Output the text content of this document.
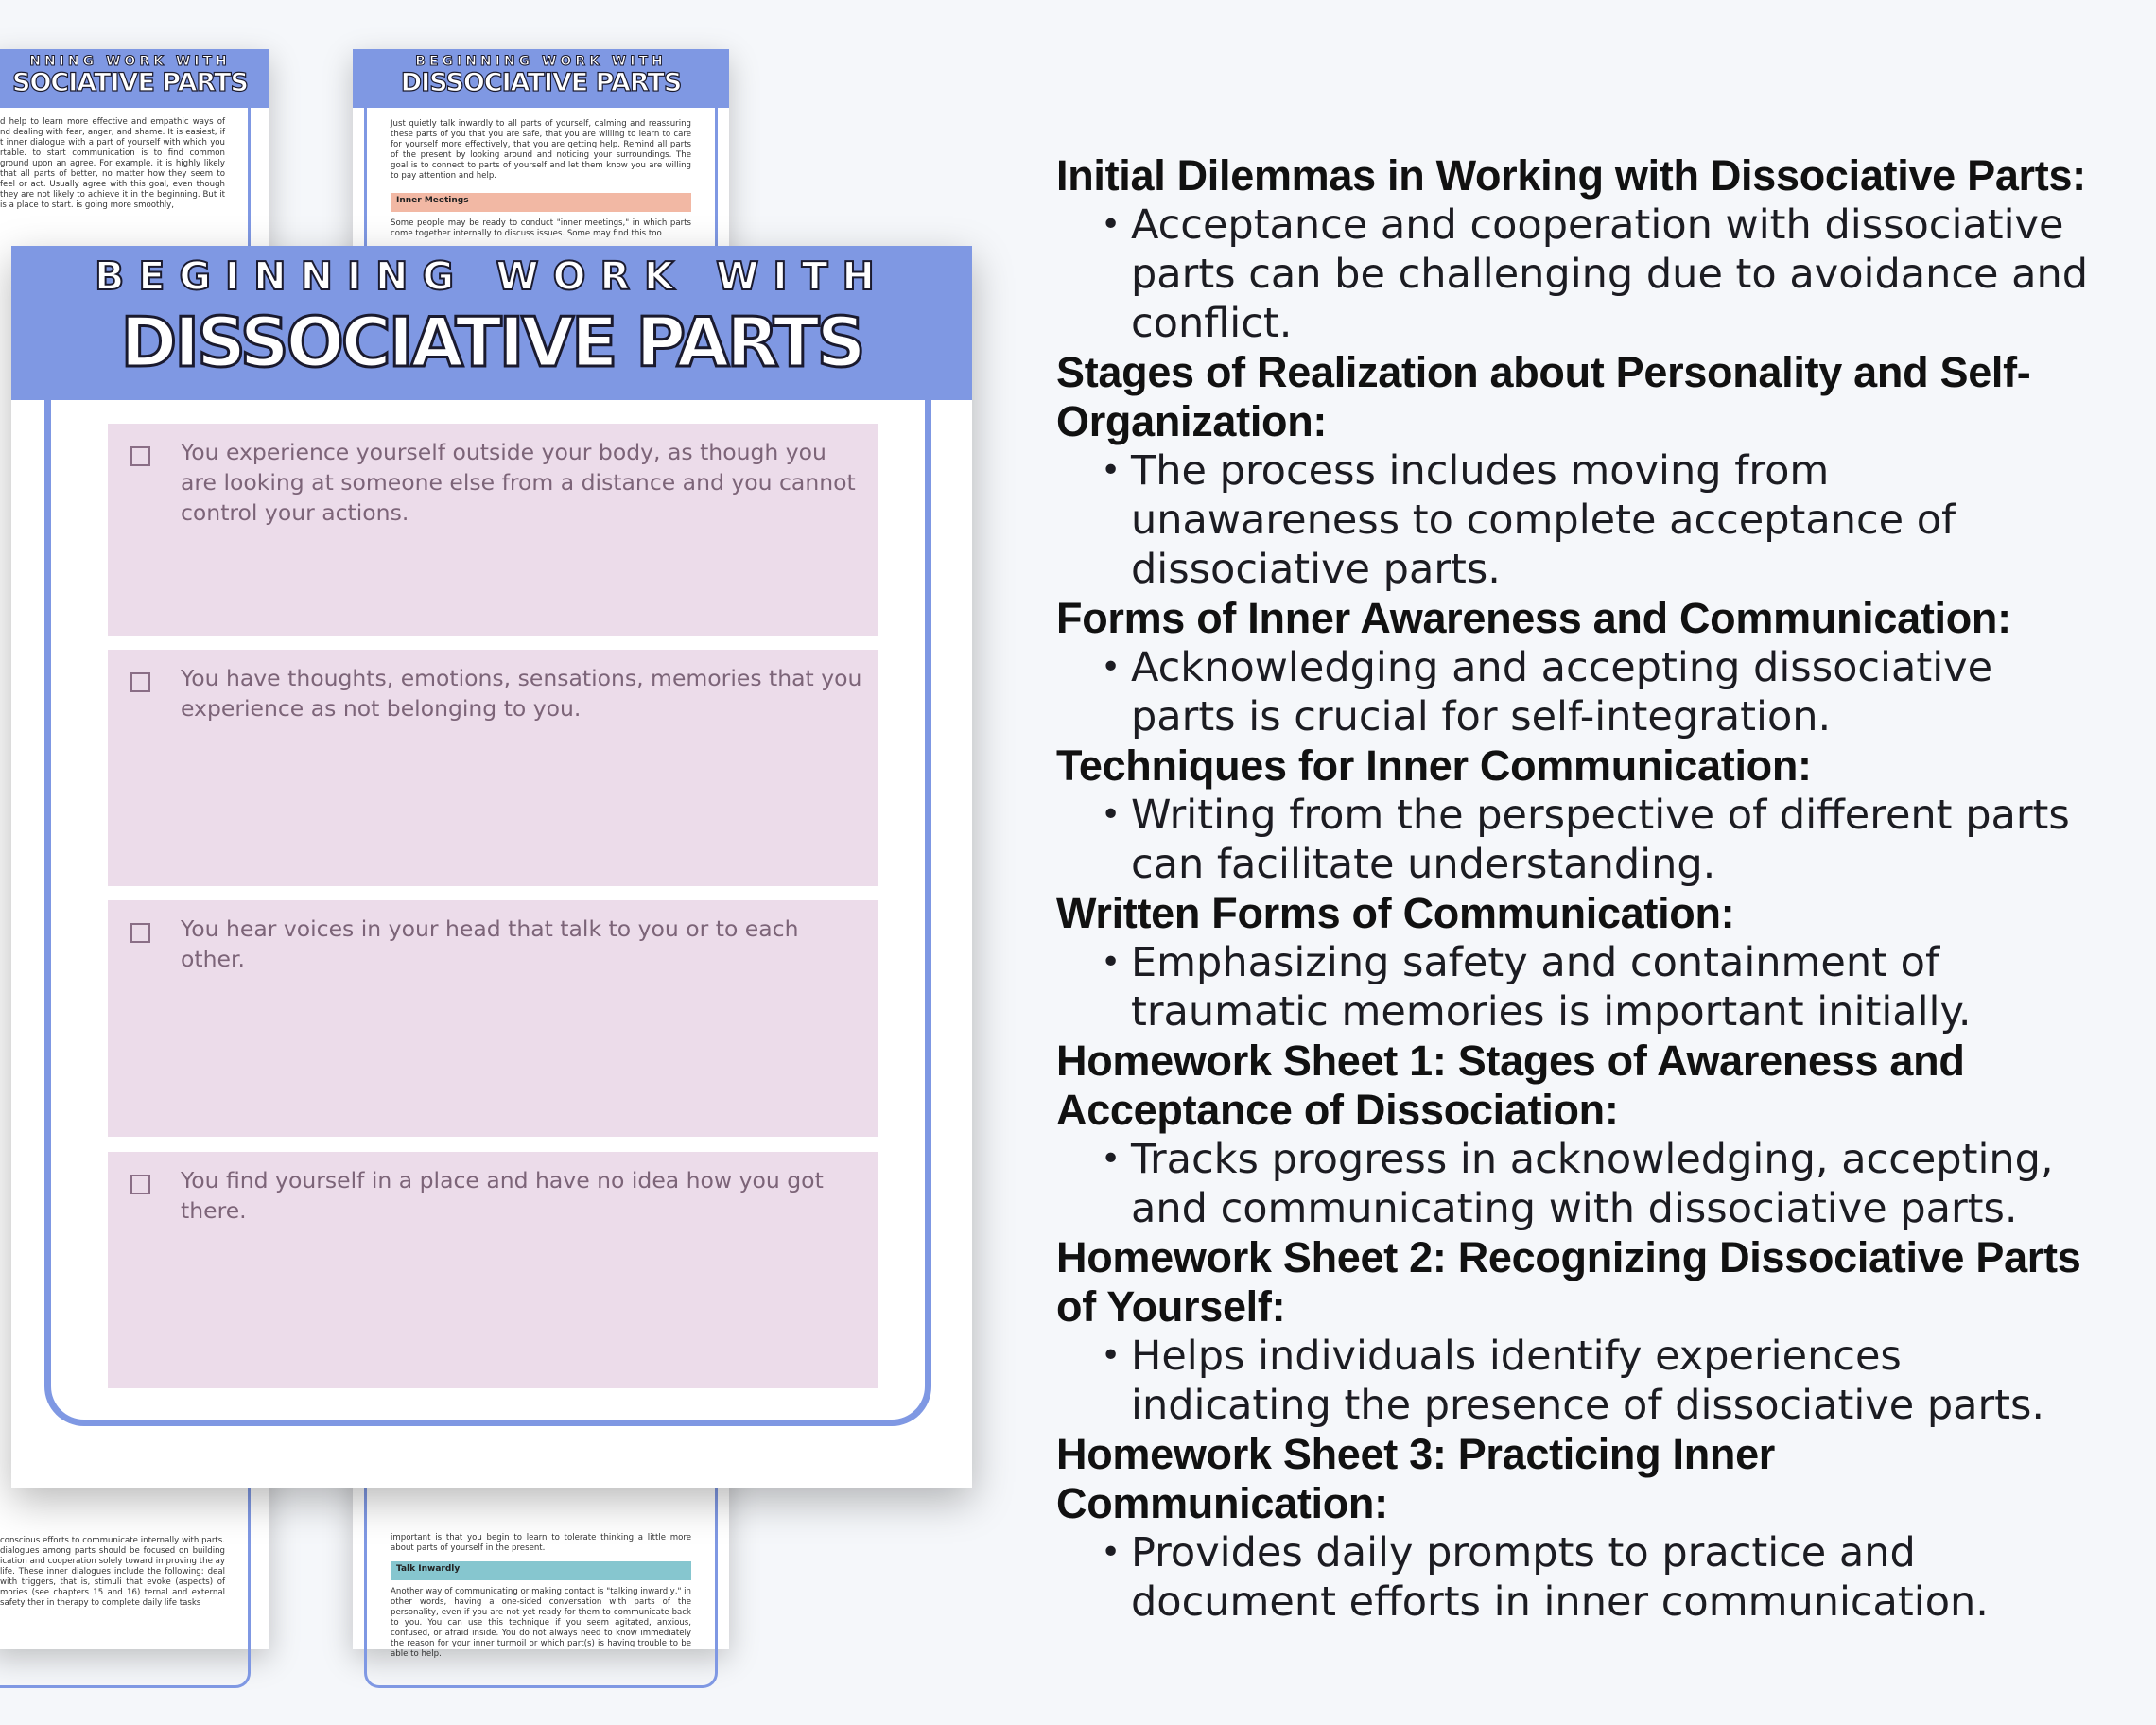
NNING WORK WITH
SOCIATIVE PARTS
d help to learn more effective and empathic ways of nd dealing with fear, anger, and shame. It is easiest, if t inner dialogue with a part of yourself with which you rtable. to start communication is to find common ground upon an agree. For example, it is highly likely that all parts of better, no matter how they seem to feel or act. Usually agree with this goal, even though they are not likely to achieve it in the beginning. But it is a place to start. is going more smoothly,
conscious efforts to communicate internally with parts. dialogues among parts should be focused on building ication and cooperation solely toward improving the ay life. These inner dialogues include the following: deal with triggers, that is, stimuli that evoke (aspects) of mories (see chapters 15 and 16) ternal and external safety ther in therapy to complete daily life tasks
BEGINNING WORK WITH
DISSOCIATIVE PARTS
Just quietly talk inwardly to all parts of yourself, calming and reassuring these parts of you that you are safe, that you are willing to learn to care for yourself more effectively, that you are getting help. Remind all parts of the present by looking around and noticing your surroundings. The goal is to connect to parts of yourself and let them know you are willing to pay attention and help.
Inner Meetings
Some people may be ready to conduct "inner meetings," in which parts come together internally to discuss issues. Some may find this too
important is that you begin to learn to tolerate thinking a little more about parts of yourself in the present.
Talk Inwardly
Another way of communicating or making contact is "talking inwardly," in other words, having a one-sided conversation with parts of the personality, even if you are not yet ready for them to communicate back to you. You can use this technique if you seem agitated, anxious, confused, or afraid inside. You do not always need to know immediately the reason for your inner turmoil or which part(s) is having trouble to be able to help.
BEGINNING WORK WITH
DISSOCIATIVE PARTS
You experience yourself outside your body, as though you are looking at someone else from a distance and you cannot control your actions.
You have thoughts, emotions, sensations, memories that you experience as not belonging to you.
You hear voices in your head that talk to you or to each other.
You find yourself in a place and have no idea how you got there.

Initial Dilemmas in Working with Dissociative Parts:

• Acceptance and cooperation with dissociative parts can be challenging due to avoidance and conflict.

Stages of Realization about Personality and Self-Organization:

• The process includes moving from unawareness to complete acceptance of dissociative parts.

Forms of Inner Awareness and Communication:

• Acknowledging and accepting dissociative parts is crucial for self-integration.

Techniques for Inner Communication:

• Writing from the perspective of different parts can facilitate understanding.

Written Forms of Communication:

• Emphasizing safety and containment of traumatic memories is important initially.

Homework Sheet 1: Stages of Awareness and Acceptance of Dissociation:

• Tracks progress in acknowledging, accepting, and communicating with dissociative parts.

Homework Sheet 2: Recognizing Dissociative Parts of Yourself:

• Helps individuals identify experiences indicating the presence of dissociative parts.

Homework Sheet 3: Practicing Inner Communication:

• Provides daily prompts to practice and document efforts in inner communication.
